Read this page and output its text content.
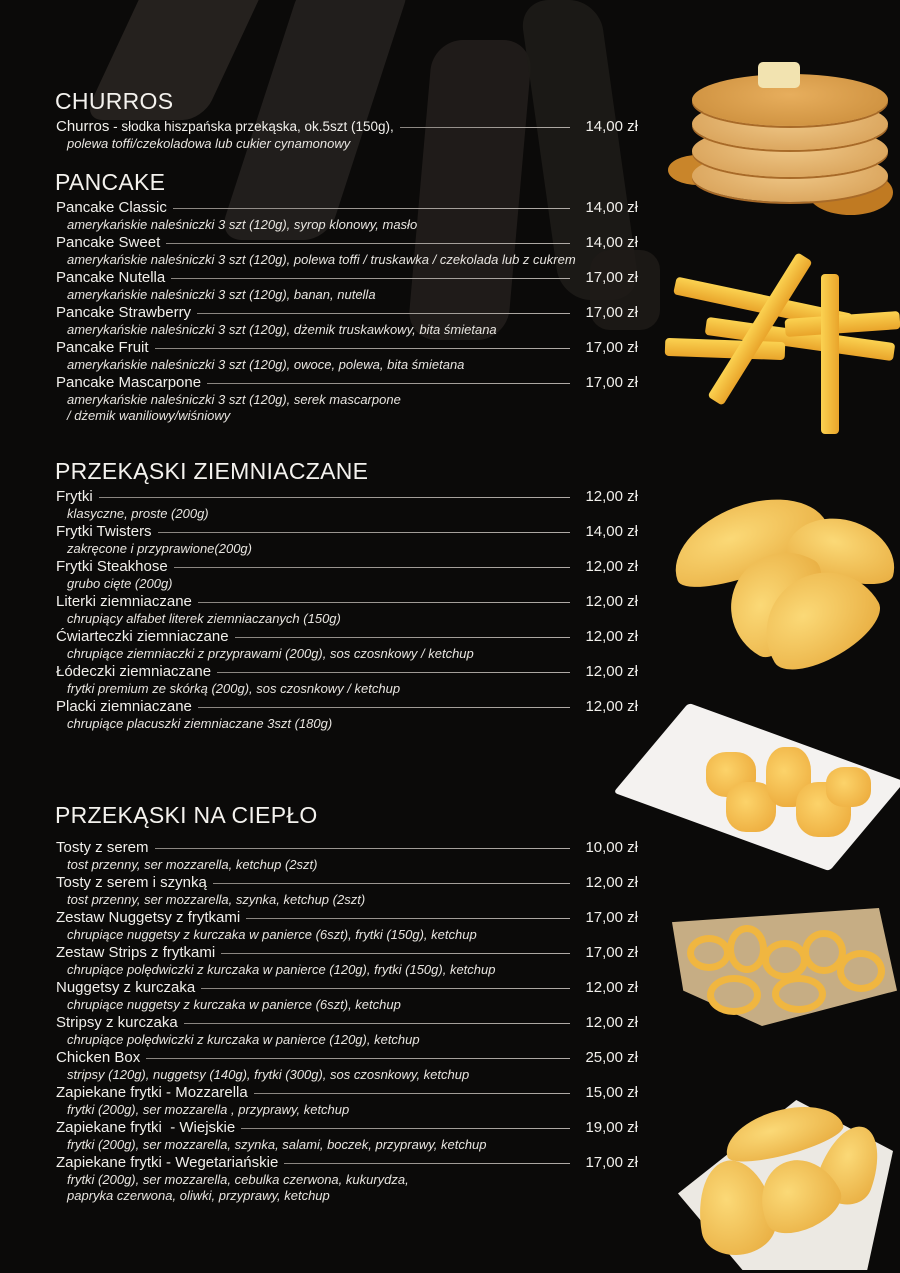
CHURROS
Churros - słodka hiszpańska przekąska, ok.5szt (150g),	14,00 zł
polewa toffi/czekoladowa lub cukier cynamonowy
PANCAKE
Pancake Classic	14,00 zł
amerykańskie naleśniczki 3 szt (120g), syrop klonowy, masło
Pancake Sweet	14,00 zł
amerykańskie naleśniczki 3 szt (120g), polewa toffi / truskawka / czekolada lub z cukrem
Pancake Nutella	17,00 zł
amerykańskie naleśniczki 3 szt (120g), banan, nutella
Pancake Strawberry	17,00 zł
amerykańskie naleśniczki 3 szt (120g), dżemik truskawkowy, bita śmietana
Pancake Fruit	17,00 zł
amerykańskie naleśniczki 3 szt (120g), owoce, polewa, bita śmietana
Pancake Mascarpone	17,00 zł
amerykańskie naleśniczki 3 szt (120g), serek mascarpone
/ dżemik waniliowy/wiśniowy
PRZEKĄSKI ZIEMNIACZANE
Frytki	12,00 zł
klasyczne, proste (200g)
Frytki Twisters	14,00 zł
zakręcone i przyprawione(200g)
Frytki Steakhose	12,00 zł
grubo cięte (200g)
Literki ziemniaczane	12,00 zł
chrupiący alfabet literek ziemniaczanych (150g)
Ćwiarteczki ziemniaczane	12,00 zł
chrupiące ziemniaczki z przyprawami (200g), sos czosnkowy / ketchup
Łódeczki ziemniaczane	12,00 zł
frytki premium ze skórką (200g), sos czosnkowy / ketchup
Placki ziemniaczane	12,00 zł
chrupiące placuszki ziemniaczane 3szt (180g)
PRZEKĄSKI NA CIEPŁO
Tosty z serem	10,00 zł
tost przenny, ser mozzarella, ketchup (2szt)
Tosty z serem i szynką	12,00 zł
tost przenny, ser mozzarella, szynka, ketchup (2szt)
Zestaw Nuggetsy z frytkami	17,00 zł
chrupiące nuggetsy z kurczaka w panierce (6szt), frytki (150g), ketchup
Zestaw Strips z frytkami	17,00 zł
chrupiące polędwiczki z kurczaka w panierce (120g), frytki (150g), ketchup
Nuggetsy z kurczaka	12,00 zł
chrupiące nuggetsy z kurczaka w panierce (6szt), ketchup
Stripsy z kurczaka	12,00 zł
chrupiące polędwiczki z kurczaka w panierce (120g), ketchup
Chicken Box	25,00 zł
stripsy (120g), nuggetsy (140g), frytki (300g), sos czosnkowy, ketchup
Zapiekane frytki - Mozzarella	15,00 zł
frytki (200g), ser mozzarella , przyprawy, ketchup
Zapiekane frytki  - Wiejskie	19,00 zł
frytki (200g), ser mozzarella, szynka, salami, boczek, przyprawy, ketchup
Zapiekane frytki - Wegetariańskie	17,00 zł
frytki (200g), ser mozzarella, cebulka czerwona, kukurydza,
papryka czerwona, oliwki, przyprawy, ketchup
